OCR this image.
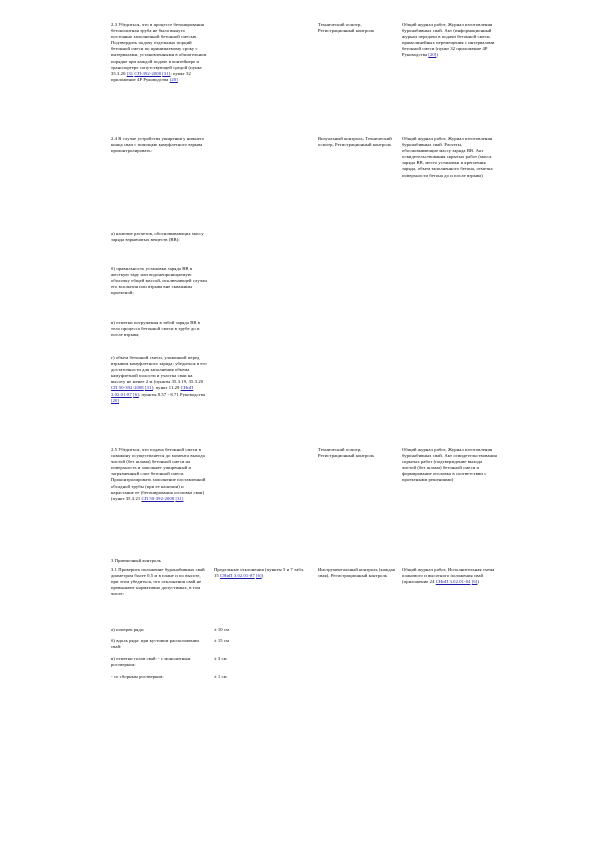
2.3 Убедиться, что в процессе бетонирования бетонолитная труба не была вынута постоянно заполненной бетонной смесью. Подтвердить подачу отдельных порций бетонной смеси по принимаемому сроку с интервалами, установленными в обязательном порядке при каждой подаче в контейнере и транспортере сопутствующей средой (пункт 35.3.20 [31 СП-392-2008 [31]; пункт 32 приложение 4Р Руководства [20]
Технический осмотр, Регистрационный контроль
Общий журнал работ, Журнал изготовления буронабивных свай. Акт (информационный журнал передачи в подачи бетонной смеси, прямолинейных перемещения с интервалами бетонной смеси (пункт 32 приложение 4Р Руководства [20])
2.4 В случае устройства уширения у нижнего конца сваи с помощью камуфлетного взрыва проконтролировать:
Визуальный контроль, Технический осмотр, Регистрационный контроль
Общий журнал работ, Журнал изготовления буронабивных свай. Расчеты, обосновывающие массу заряда ВВ. Акт освидетельствования скрытых работ (масса заряда ВВ, место установки и крепления заряда, объем заполненного бетона, отметка поверхности бетона до и после взрыва)
а) наличие расчетов, обосновывающих массу заряда взрывчатых веществ (ВВ);
б) правильность установки заряда ВВ в жесткую тару или водонепроницаемую оболочку общей массой, исключающей случаи его всплытия или взрыва вне скважины проектной;
в) отметки погружения в забой заряда ВВ в тело процесса бетонной смеси в трубе до и после взрыва;
г) объем бетонной смеси, уложенной перед взрывом камуфлетного заряда: убедиться в его достаточности для заполнения объема камуфлетной полости и участка сваи на высоту не менее 2 м (пункты 35.3.19, 35.3.20 СП 50-392-2008 [31]; пункт 11.29 СНиП 3.02.01-87 [6]; пункты 8.57 - 8.71 Руководства [20]
2.5 Убедиться, что подача бетонной смеси в скважину осуществляется до момента выхода чистой (без шлама) бетонной смеси на поверхность и заполняет уширенный и загрязненный слое бетонной смеси. Проконтролировать заполнение поставленной обсадной трубы (при ее наличии) и нарастание ее (бетонирования оголовка сваи) (пункт 35.3.21 СП 50-392-2008 [31]
Технический осмотр, Регистрационный контроль
Общий журнал работ, Журнал изготовления буронабивных свай. Акт освидетельствования скрытых работ (подтверждение выхода чистой (без шлама) бетонной смеси и формирование оголовка в соответствии с проектными решениями)
3 Приемочный контроль
3.1 Проверить положение буронабивных свай диаметром более 0,5 м в плане и по высоте, при этом убедиться, что отклонения свай не превышают нормативно допустимых, в том числе:
Предельные отклонения (пункты 5 и 7 табл. 15 СНиП 3.02.01-87 [6])
Инструментальный контроль (каждая свая), Регистрационный контроль
Общий журнал работ, Исполнительная схема планового и высотного положения свай (приложение 24 СНиП 3.02.01-84 [6])
а) поперек ряда:	± 10 см
б) вдоль ряда: при кустовом расположении свай:
± 15 см
в) отметки голов свай: - с монолитным ростверком:
± 3 см
- со сборным ростверком:	± 1 см
